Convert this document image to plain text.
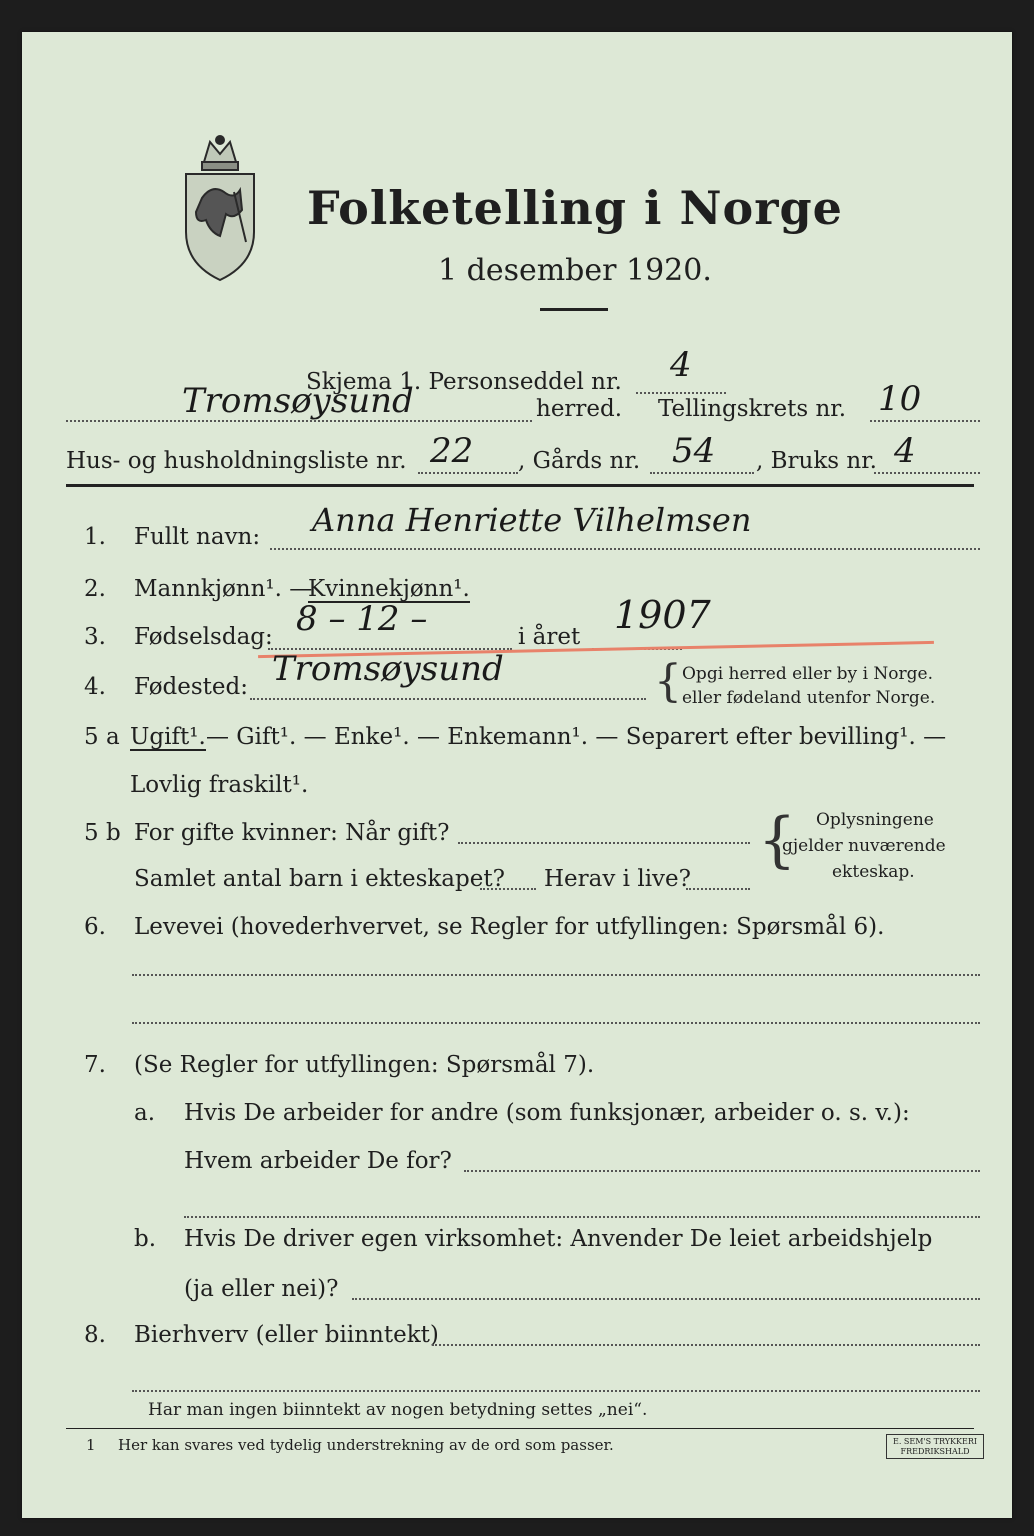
Folketelling i Norge
1 desember 1920.
Skjema 1. Personseddel nr. 4
Tromsøysund	herred. Tellingskrets nr. 10
Hus- og husholdningsliste nr. 22 , Gårds nr. 54 , Bruks nr. 4
1. Fullt navn: Anna Henriette Vilhelmsen
2. Mannkjønn¹. —
Kvinnekjønn¹.
3. Fødselsdag: 8 – 12 –	i året 1907
4. Fødested: Tromsøysund	{ Opgi herred eller by i Norge.
eller fødeland utenfor Norge.
5 a Ugift¹. — Gift¹. — Enke¹. — Enkemann¹. — Separert efter bevilling¹. —
Lovlig fraskilt¹.
5 b For gifte kvinner: Når gift?
Samlet antal barn i ekteskapet? Herav i live?
{ Oplysningene
gjelder nuværende
ekteskap.
6. Levevei (hovederhvervet, se Regler for utfyllingen: Spørsmål 6).
7. (Se Regler for utfyllingen: Spørsmål 7).
a. Hvis De arbeider for andre (som funksjonær, arbeider o. s. v.):
Hvem arbeider De for?
b. Hvis De driver egen virksomhet: Anvender De leiet arbeidshjelp
(ja eller nei)?
8. Bierhverv (eller biinntekt)
Har man ingen biinntekt av nogen betydning settes „nei“.
1 Her kan svares ved tydelig understrekning av de ord som passer.	E. SEM'S TRYKKERI
FREDRIKSHALD
